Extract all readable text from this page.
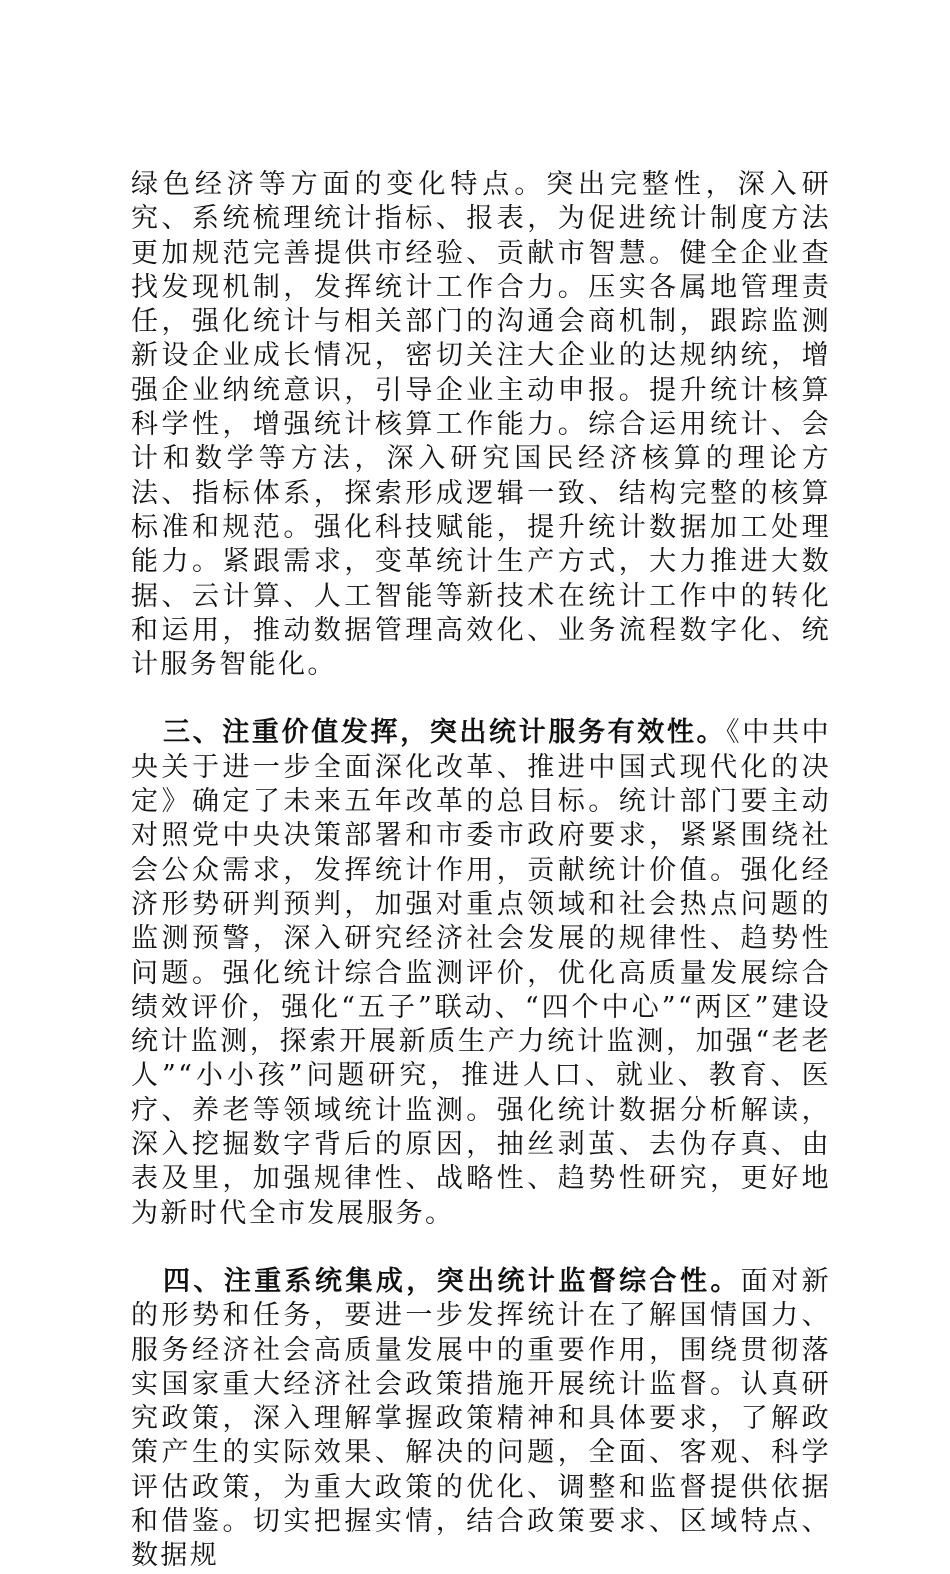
绿色经济等方面的变化特点。突出完整性，深入研究、系统梳理统计指标、报表，为促进统计制度方法更加规范完善提供市经验、贡献市智慧。健全企业查找发现机制，发挥统计工作合力。压实各属地管理责任，强化统计与相关部门的沟通会商机制，跟踪监测新设企业成长情况，密切关注大企业的达规纳统，增强企业纳统意识，引导企业主动申报。提升统计核算科学性，增强统计核算工作能力。综合运用统计、会计和数学等方法，深入研究国民经济核算的理论方法、指标体系，探索形成逻辑一致、结构完整的核算标准和规范。强化科技赋能，提升统计数据加工处理能力。紧跟需求，变革统计生产方式，大力推进大数据、云计算、人工智能等新技术在统计工作中的转化和运用，推动数据管理高效化、业务流程数字化、统计服务智能化。

三、注重价值发挥，突出统计服务有效性。《中共中央关于进一步全面深化改革、推进中国式现代化的决定》确定了未来五年改革的总目标。统计部门要主动对照党中央决策部署和市委市政府要求，紧紧围绕社会公众需求，发挥统计作用，贡献统计价值。强化经济形势研判预判，加强对重点领域和社会热点问题的监测预警，深入研究经济社会发展的规律性、趋势性问题。强化统计综合监测评价，优化高质量发展综合绩效评价，强化“五子”联动、“四个中心”“两区”建设统计监测，探索开展新质生产力统计监测，加强“老老人”“小小孩”问题研究，推进人口、就业、教育、医疗、养老等领域统计监测。强化统计数据分析解读，深入挖掘数字背后的原因，抽丝剥茧、去伪存真、由表及里，加强规律性、战略性、趋势性研究，更好地为新时代全市发展服务。

四、注重系统集成，突出统计监督综合性。面对新的形势和任务，要进一步发挥统计在了解国情国力、服务经济社会高质量发展中的重要作用，围绕贯彻落实国家重大经济社会政策措施开展统计监督。认真研究政策，深入理解掌握政策精神和具体要求，了解政策产生的实际效果、解决的问题，全面、客观、科学评估政策，为重大政策的优化、调整和监督提供依据和借鉴。切实把握实情，结合政策要求、区域特点、数据规
